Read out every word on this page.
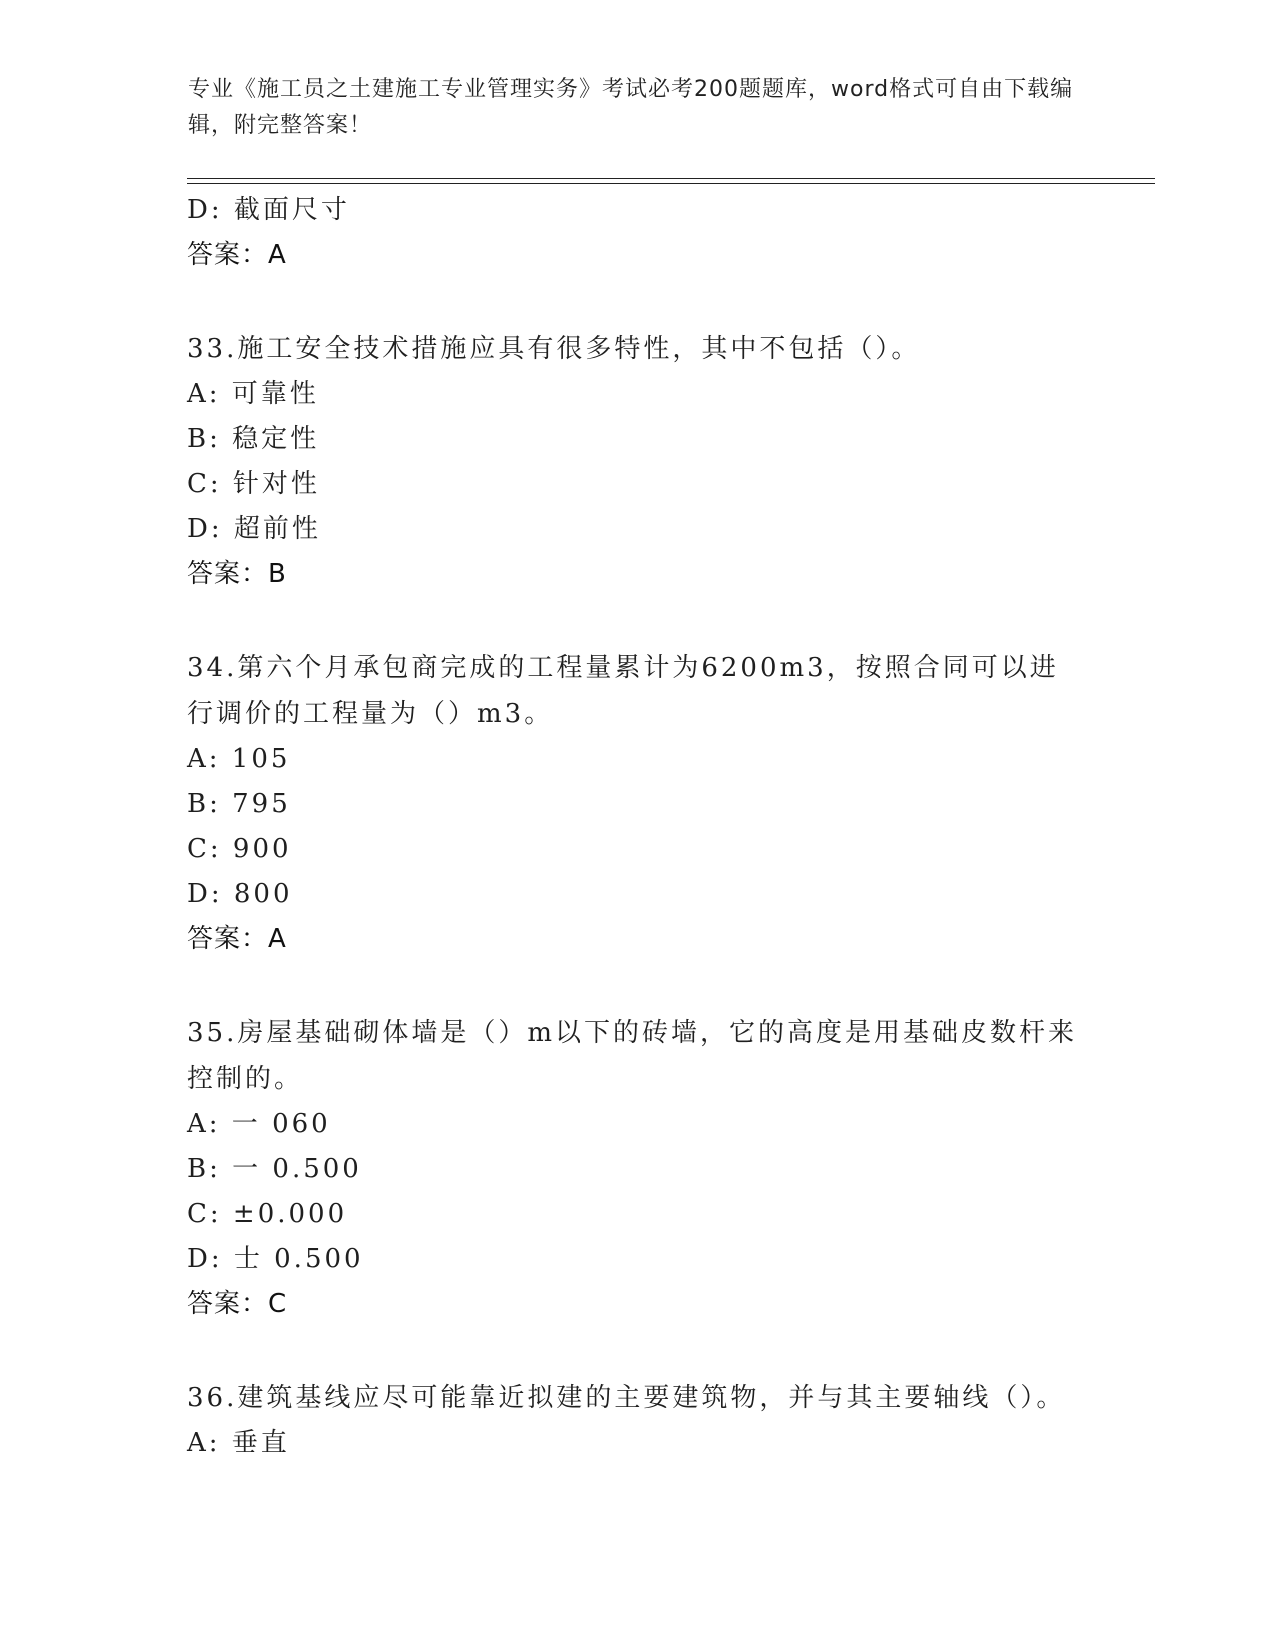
专业《施工员之土建施工专业管理实务》考试必考200题题库，word格式可自由下载编辑，附完整答案！
D: 截面尺寸
答案：A
33.施工安全技术措施应具有很多特性，其中不包括（）。
A: 可靠性
B: 稳定性
C: 针对性
D: 超前性
答案：B
34.第六个月承包商完成的工程量累计为6200m3，按照合同可以进行调价的工程量为（）m3。
A: 105
B: 795
C: 900
D: 800
答案：A
35.房屋基础砌体墙是（）m以下的砖墙，它的高度是用基础皮数杆来控制的。
A: 一 060
B: 一 0.500
C: ±0.000
D: 士 0.500
答案：C
36.建筑基线应尽可能靠近拟建的主要建筑物，并与其主要轴线（）。
A: 垂直
